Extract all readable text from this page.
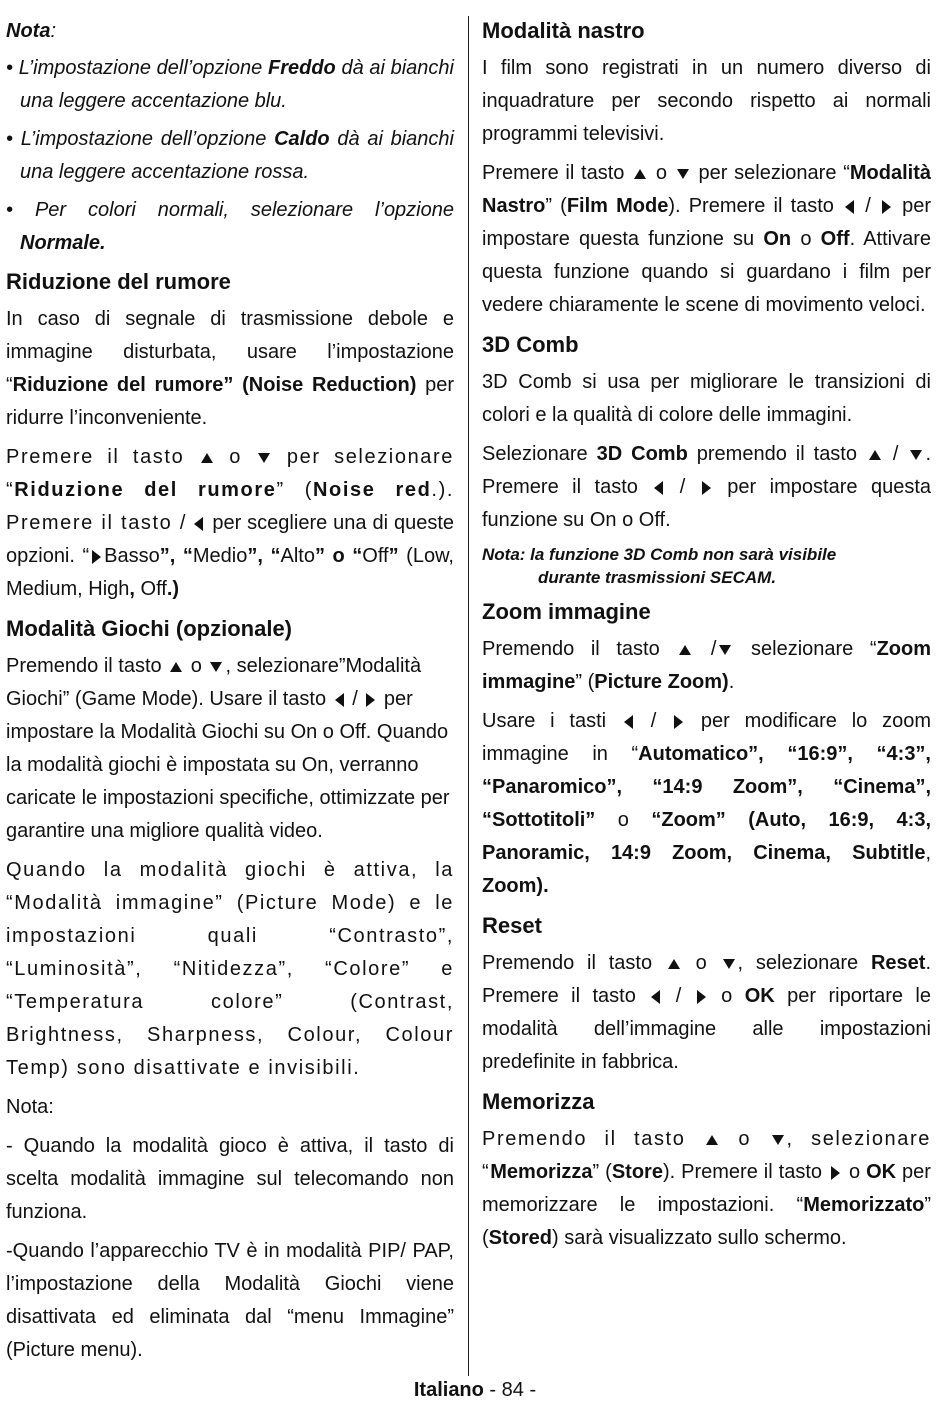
Nota:

• L’impostazione dell’opzione Freddo dà ai bianchi una leggere accentazione blu.

• L’impostazione dell’opzione Caldo dà ai bianchi una leggere accentazione rossa.

• Per colori normali, selezionare l’opzione Normale.

Riduzione del rumore

In caso di segnale di trasmissione debole e immagine disturbata, usare l’impostazione “Riduzione del rumore” (Noise Reduction) per ridurre l’inconveniente.

Premere il tasto  o  per selezionare “Riduzione del rumore” (Noise red.). Premere il tasto /  per scegliere una di queste opzioni. “ Basso”, “Medio”, “Alto” o “Off” (Low, Medium, High, Off.)

Modalità Giochi (opzionale)

Premendo il tasto  o , selezionare”Modalità Giochi” (Game Mode). Usare il tasto  /  per impostare la Modalità Giochi su On o Off. Quando la modalità giochi è impostata su On, verranno caricate le impostazioni specifiche, ottimizzate per garantire una migliore qualità video.

Quando la modalità giochi è attiva, la “Modalità immagine” (Picture Mode) e le impostazioni quali “Contrasto”, “Luminosità”, “Nitidezza”, “Colore” e “Temperatura colore” (Contrast, Brightness, Sharpness, Colour, Colour Temp) sono disattivate e invisibili.

Nota:

- Quando la modalità gioco è attiva, il tasto di scelta modalità immagine sul telecomando non funziona.

-Quando l’apparecchio TV è in modalità PIP/ PAP, l’impostazione della Modalità Giochi viene disattivata ed eliminata dal “menu Immagine” (Picture menu).

Modalità nastro

I film sono registrati in un numero diverso di inquadrature per secondo rispetto ai normali programmi televisivi.

Premere il tasto  o  per selezionare “Modalità Nastro” (Film Mode). Premere il tasto  /  per impostare questa funzione su On o Off. Attivare questa funzione quando si guardano i film per vedere chiaramente le scene di movimento veloci.

3D Comb

3D Comb si usa per migliorare le transizioni di colori e la qualità di colore delle immagini.

Selezionare 3D Comb premendo il tasto  / . Premere il tasto  /  per impostare questa funzione su On o Off.

Nota: la funzione 3D Comb non sarà visibile
durante trasmissioni SECAM.

Zoom immagine

Premendo il tasto  / selezionare “Zoom immagine” (Picture Zoom).

Usare i tasti  /  per modificare lo zoom immagine in “Automatico”, “16:9”, “4:3”, “Panaromico”, “14:9 Zoom”, “Cinema”, “Sottotitoli” o “Zoom” (Auto, 16:9, 4:3, Panoramic, 14:9 Zoom, Cinema, Subtitle, Zoom).

Reset

Premendo il tasto  o , selezionare Reset. Premere il tasto  /  o OK per riportare le modalità dell’immagine alle impostazioni predefinite in fabbrica.

Memorizza

Premendo il tasto  o , selezionare “Memorizza” (Store). Premere il tasto  o OK per memorizzare le impostazioni. “Memorizzato” (Stored) sarà visualizzato sullo schermo.

Italiano - 84 -
